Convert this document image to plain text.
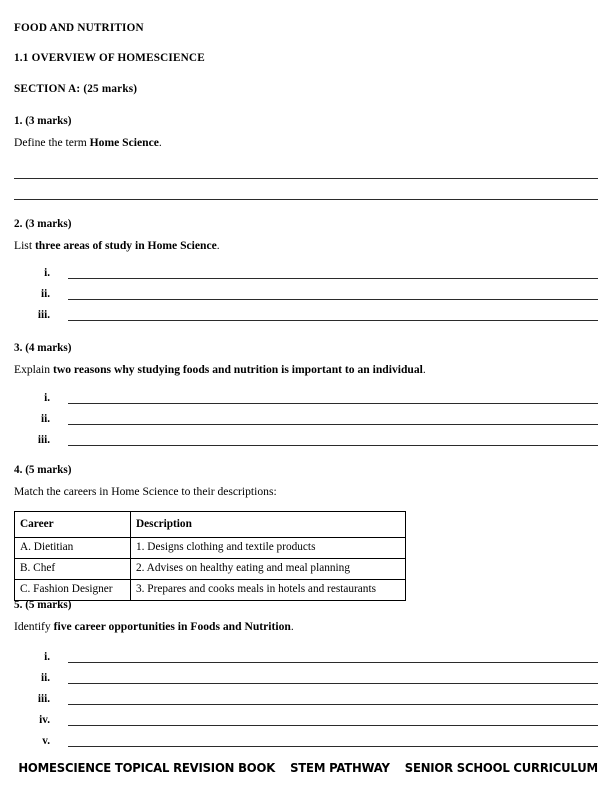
FOOD AND NUTRITION
1.1 OVERVIEW OF HOMESCIENCE
SECTION A: (25 marks)
1. (3 marks)
Define the term Home Science.
2. (3 marks)
List three areas of study in Home Science.
i.
ii.
iii.
3. (4 marks)
Explain two reasons why studying foods and nutrition is important to an individual.
i.
ii.
iii.
4. (5 marks)
Match the careers in Home Science to their descriptions:
Career	Description
A. Dietitian	1. Designs clothing and textile products
B. Chef	2. Advises on healthy eating and meal planning
C. Fashion Designer	3. Prepares and cooks meals in hotels and restaurants
5. (5 marks)
Identify five career opportunities in Foods and Nutrition.
i.
ii.
iii.
iv.
v.
HOMESCIENCE TOPICAL REVISION BOOK STEM PATHWAY SENIOR SCHOOL CURRICULUM
